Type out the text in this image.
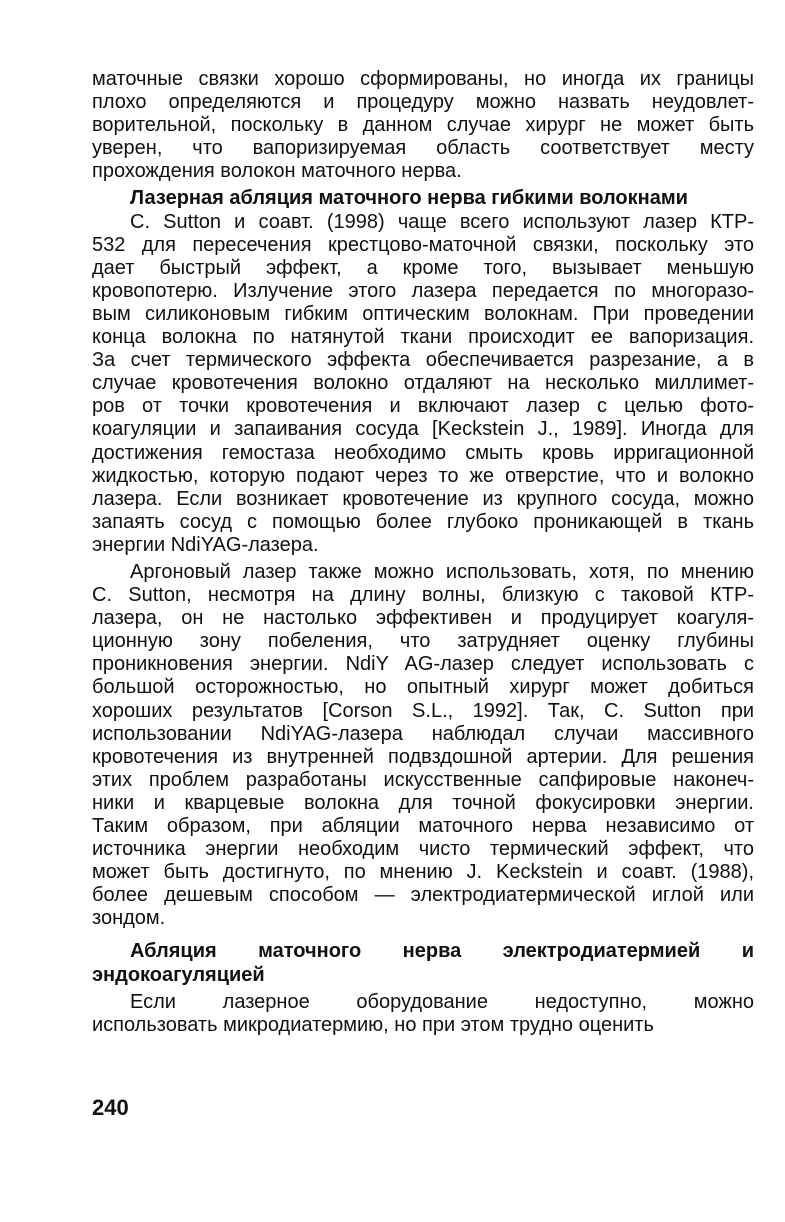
маточные связки хорошо сформированы, но иногда их границы
плохо определяются и процедуру можно назвать неудовлет-
ворительной, поскольку в данном случае хирург не может быть
уверен, что вапоризируемая область соответствует месту
прохождения волокон маточного нерва.
Лазерная абляция маточного нерва гибкими волокнами
C. Sutton и соавт. (1998) чаще всего используют лазер КТР-
532 для пересечения крестцово-маточной связки, поскольку это
дает быстрый эффект, а кроме того, вызывает меньшую
кровопотерю. Излучение этого лазера передается по многоразо-
вым силиконовым гибким оптическим волокнам. При проведении
конца волокна по натянутой ткани происходит ее вапоризация.
За счет термического эффекта обеспечивается разрезание, а в
случае кровотечения волокно отдаляют на несколько миллимет-
ров от точки кровотечения и включают лазер с целью фото-
коагуляции и запаивания сосуда [Keckstein J., 1989]. Иногда для
достижения гемостаза необходимо смыть кровь ирригационной
жидкостью, которую подают через то же отверстие, что и волокно
лазера. Если возникает кровотечение из крупного сосуда, можно
запаять сосуд с помощью более глубоко проникающей в ткань
энергии NdiYAG-лазера.
Аргоновый лазер также можно использовать, хотя, по мнению
C. Sutton, несмотря на длину волны, близкую с таковой КТР-
лазера, он не настолько эффективен и продуцирует коагуля-
ционную зону побеления, что затрудняет оценку глубины
проникновения энергии. NdiY AG-лазер следует использовать с
большой осторожностью, но опытный хирург может добиться
хороших результатов [Corson S.L., 1992]. Так, C. Sutton при
использовании NdiYAG-лазера наблюдал случаи массивного
кровотечения из внутренней подвздошной артерии. Для решения
этих проблем разработаны искусственные сапфировые наконеч-
ники и кварцевые волокна для точной фокусировки энергии.
Таким образом, при абляции маточного нерва независимо от
источника энергии необходим чисто термический эффект, что
может быть достигнуто, по мнению J. Keckstein и соавт. (1988),
более дешевым способом — электродиатермической иглой или
зондом.
Абляция маточного нерва электродиатермией и
эндокоагуляцией
Если лазерное оборудование недоступно, можно
использовать микродиатермию, но при этом трудно оценить
240
